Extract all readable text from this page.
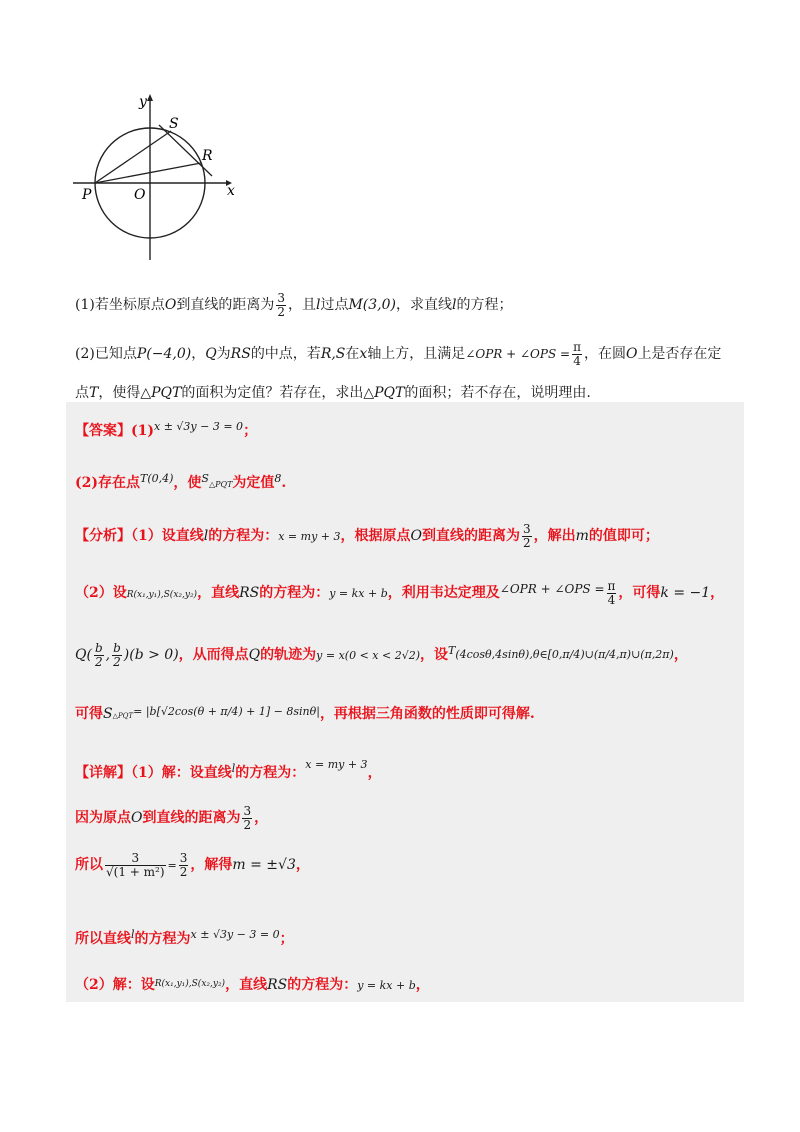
y
x
S
R
P	O
(1)若坐标原点O到直线的距离为 $\frac{3}{2}$ ，且l过点M(3,0)，求直线l的方程；
(2)已知点P(−4,0)，Q为RS的中点，若R,S在x轴上方，且满足∠OPR + ∠OPS = $\frac{\pi}{4}$ ，在圆O上是否存在定
点T，使得△PQT的面积为定值？若存在，求出△PQT的面积；若不存在，说明理由.
【答案】$(1)^{x \pm √3y - 3 = 0}$；
(2)存在点$^{T(0,4)}$，使$^S$△PQT为定值$^8$.
【分析】（1）设直线l的方程为：x = my + 3，根据原点O到直线的距离为 $\frac{3}{2}$ ，解出m的值即可；
（2）设R(x₁,y₁),S(x₂,y₂)，直线RS的方程为：y = kx + b，利用韦达定理及∠OPR + ∠OPS = $\frac{\pi}{4}$ ，可得k = −1，
$Q( \frac{b}{2}$ , $\frac{b}{2} )(b > 0)$，从而得点Q的轨迹为y = x(0 < x < 2√2)，设$^T$(4cosθ,4sinθ),θ∈[0,π/4)∪(π/4,π)∪(π,2π)，
可得$S\triangle PQT^{= |b[√2cos(\theta + \pi/4) + 1] - 8sin\theta|}$，再根据三角函数的性质即可得解.
【详解】（1）解：设直线$^l$的方程为：$^{x = my + 3}$，
因为原点O到直线的距离为 $\frac{3}{2}$ ，
所以 $\frac{3}{\text{√(1 + m²)}} = \frac{3}{2}$ ，解得m = ±√3，
所以直线$^l$的方程为$^{x \pm √3y - 3 = 0}$；
（2）解：设$^{R(x_1,y_1),S(x_2,y_2)}$，直线RS的方程为：y = kx + b，
